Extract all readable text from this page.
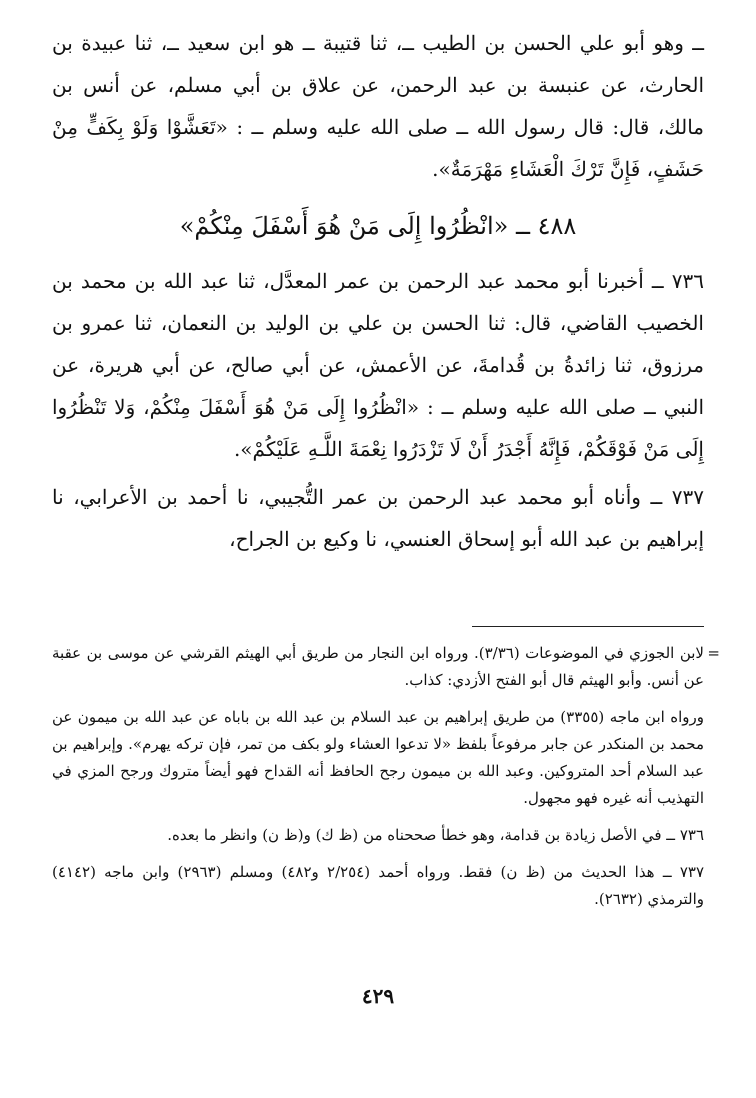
ــ وهو أبو علي الحسن بن الطيب ــ، ثنا قتيبة ــ هو ابن سعيد ــ، ثنا عبيدة بن الحارث، عن عنبسة بن عبد الرحمن، عن علاق بن أبي مسلم، عن أنس بن مالك، قال: قال رسول الله ــ صلى الله عليه وسلم ــ : «تَعَشَّوْا وَلَوْ بِكَفٍّ مِنْ حَشَفٍ، فَإِنَّ تَرْكَ الْعَشَاءِ مَهْرَمَةٌ».

٤٨٨ ــ «انْظُرُوا إِلَى مَنْ هُوَ أَسْفَلَ مِنْكُمْ»

٧٣٦ ــ أخبرنا أبو محمد عبد الرحمن بن عمر المعدَّل، ثنا عبد الله بن محمد بن الخصيب القاضي، قال: ثنا الحسن بن علي بن الوليد بن النعمان، ثنا عمرو بن مرزوق، ثنا زائدةُ بن قُدامةَ، عن الأعمش، عن أبي صالح، عن أبي هريرة، عن النبي ــ صلى الله عليه وسلم ــ : «انْظُرُوا إِلَى مَنْ هُوَ أَسْفَلَ مِنْكُمْ، وَلا تَنْظُرُوا إِلَى مَنْ فَوْقَكُمْ، فَإِنَّهُ أَجْدَرُ أَنْ لَا تَزْدَرُوا نِعْمَةَ اللَّـهِ عَلَيْكُمْ».

٧٣٧ ــ وأناه أبو محمد عبد الرحمن بن عمر التُّجيبي، نا أحمد بن الأعرابي، نا إبراهيم بن عبد الله أبو إسحاق العنسي، نا وكيع بن الجراح،

=
لابن الجوزي في الموضوعات (٣/٣٦). ورواه ابن النجار من طريق أبي الهيثم القرشي عن موسى بن عقبة عن أنس. وأبو الهيثم قال أبو الفتح الأزدي: كذاب.

ورواه ابن ماجه (٣٣٥٥) من طريق إبراهيم بن عبد السلام بن عبد الله بن باباه عن عبد الله بن ميمون عن محمد بن المنكدر عن جابر مرفوعاً بلفظ «لا تدعوا العشاء ولو بكف من تمر، فإن تركه يهرم». وإبراهيم بن عبد السلام أحد المتروكين. وعبد الله بن ميمون رجح الحافظ أنه القداح فهو أيضاً متروك ورجح المزي في التهذيب أنه غيره فهو مجهول.

٧٣٦ ــ في الأصل زيادة بن قدامة، وهو خطأ صححناه من (ظ ك) و(ظ ن) وانظر ما بعده.

٧٣٧ ــ هذا الحديث من (ظ ن) فقط. ورواه أحمد (٢/٢٥٤ و٤٨٢) ومسلم (٢٩٦٣) وابن ماجه (٤١٤٢) والترمذي (٢٦٣٢).

٤٢٩
